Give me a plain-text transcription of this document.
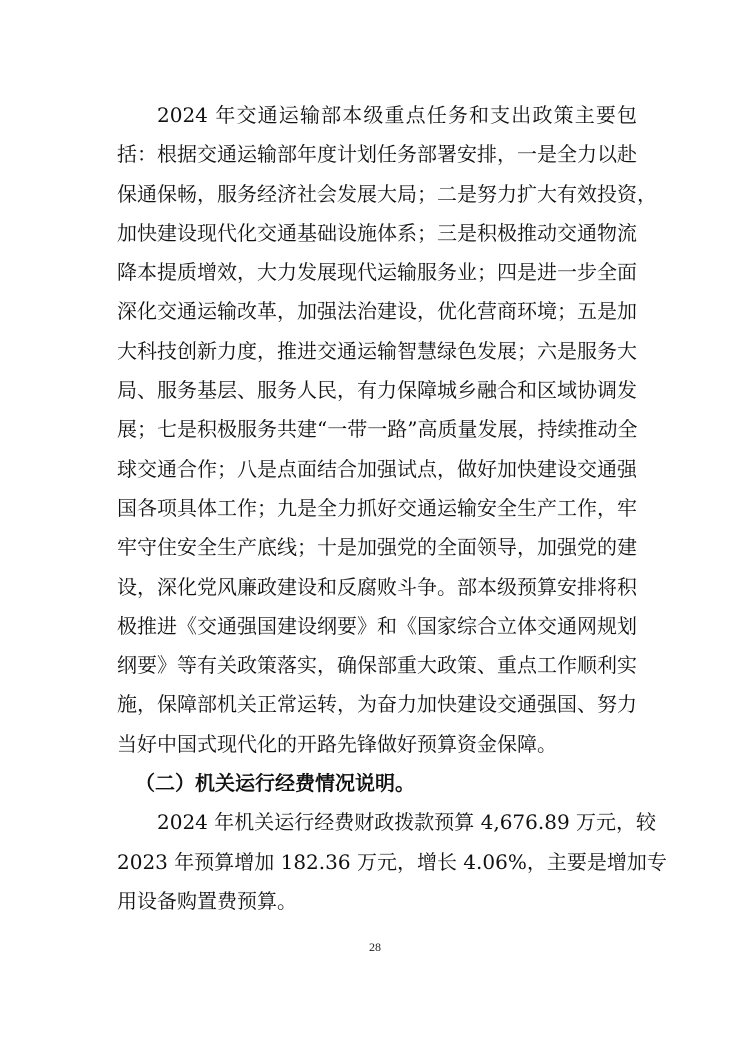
2024 年交通运输部本级重点任务和支出政策主要包
括：根据交通运输部年度计划任务部署安排，一是全力以赴
保通保畅，服务经济社会发展大局；二是努力扩大有效投资，
加快建设现代化交通基础设施体系；三是积极推动交通物流
降本提质增效，大力发展现代运输服务业；四是进一步全面
深化交通运输改革，加强法治建设，优化营商环境；五是加
大科技创新力度，推进交通运输智慧绿色发展；六是服务大
局、服务基层、服务人民，有力保障城乡融合和区域协调发
展；七是积极服务共建“一带一路”高质量发展，持续推动全
球交通合作；八是点面结合加强试点，做好加快建设交通强
国各项具体工作；九是全力抓好交通运输安全生产工作，牢
牢守住安全生产底线；十是加强党的全面领导，加强党的建
设，深化党风廉政建设和反腐败斗争。部本级预算安排将积
极推进《交通强国建设纲要》和《国家综合立体交通网规划
纲要》等有关政策落实，确保部重大政策、重点工作顺利实
施，保障部机关正常运转，为奋力加快建设交通强国、努力
当好中国式现代化的开路先锋做好预算资金保障。
（二）机关运行经费情况说明。
2024 年机关运行经费财政拨款预算 4,676.89 万元，较
2023 年预算增加 182.36 万元，增长 4.06%，主要是增加专
用设备购置费预算。
28
